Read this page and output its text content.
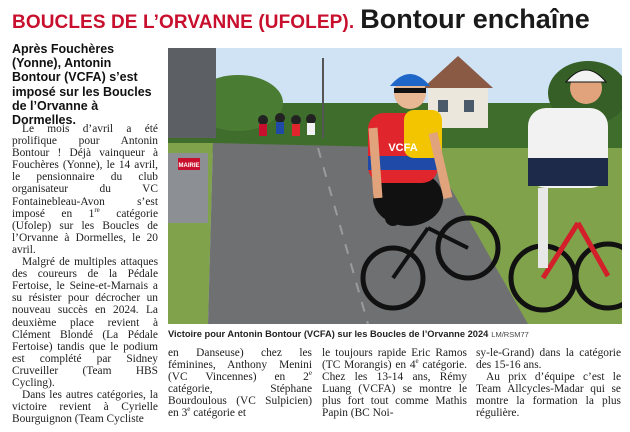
BOUCLES DE L’ORVANNE (UFOLEP). Bontour enchaîne

Après Fouchères (Yonne), Antonin Bontour (VCFA) s’est imposé sur les Boucles de l’Orvanne à Dormelles.

Le mois d’avril a été prolifique pour Antonin Bontour ! Déjà vainqueur à Fouchères (Yonne), le 14 avril, le pensionnaire du club organisateur du VC Fontainebleau-Avon s’est imposé en 1re catégorie (Ufolep) sur les Boucles de l’Orvanne à Dormelles, le 20 avril.

Malgré de multiples attaques des coureurs de la Pédale Fertoise, le Seine-et-Marnais a su résister pour décrocher un nouveau succès en 2024. La deuxième place revient à Clément Blondé (La Pédale Fertoise) tandis que le podium est complété par Sidney Cruveiller (Team HBS Cycling).

Dans les autres catégories, la victoire revient à Cyrielle Bourguignon (Team Cycliste

MAIRIE
VCFA
Victoire pour Antonin Bontour (VCFA) sur les Boucles de l’Orvanne 2024 LM/RSM77

en Danseuse) chez les féminines, Anthony Menini (VC Vincennes) en 2e catégorie, Stéphane Bourdoulous (VC Sulpicien) en 3e catégorie et

le toujours rapide Eric Ramos (TC Morangis) en 4e catégorie. Chez les 13-14 ans, Rémy Luang (VCFA) se montre le plus fort tout comme Mathis Papin (BC Noi-

sy-le-Grand) dans la catégorie des 15-16 ans.

Au prix d’équipe c’est le Team Allcycles-Madar qui se montre la formation la plus régulière.
